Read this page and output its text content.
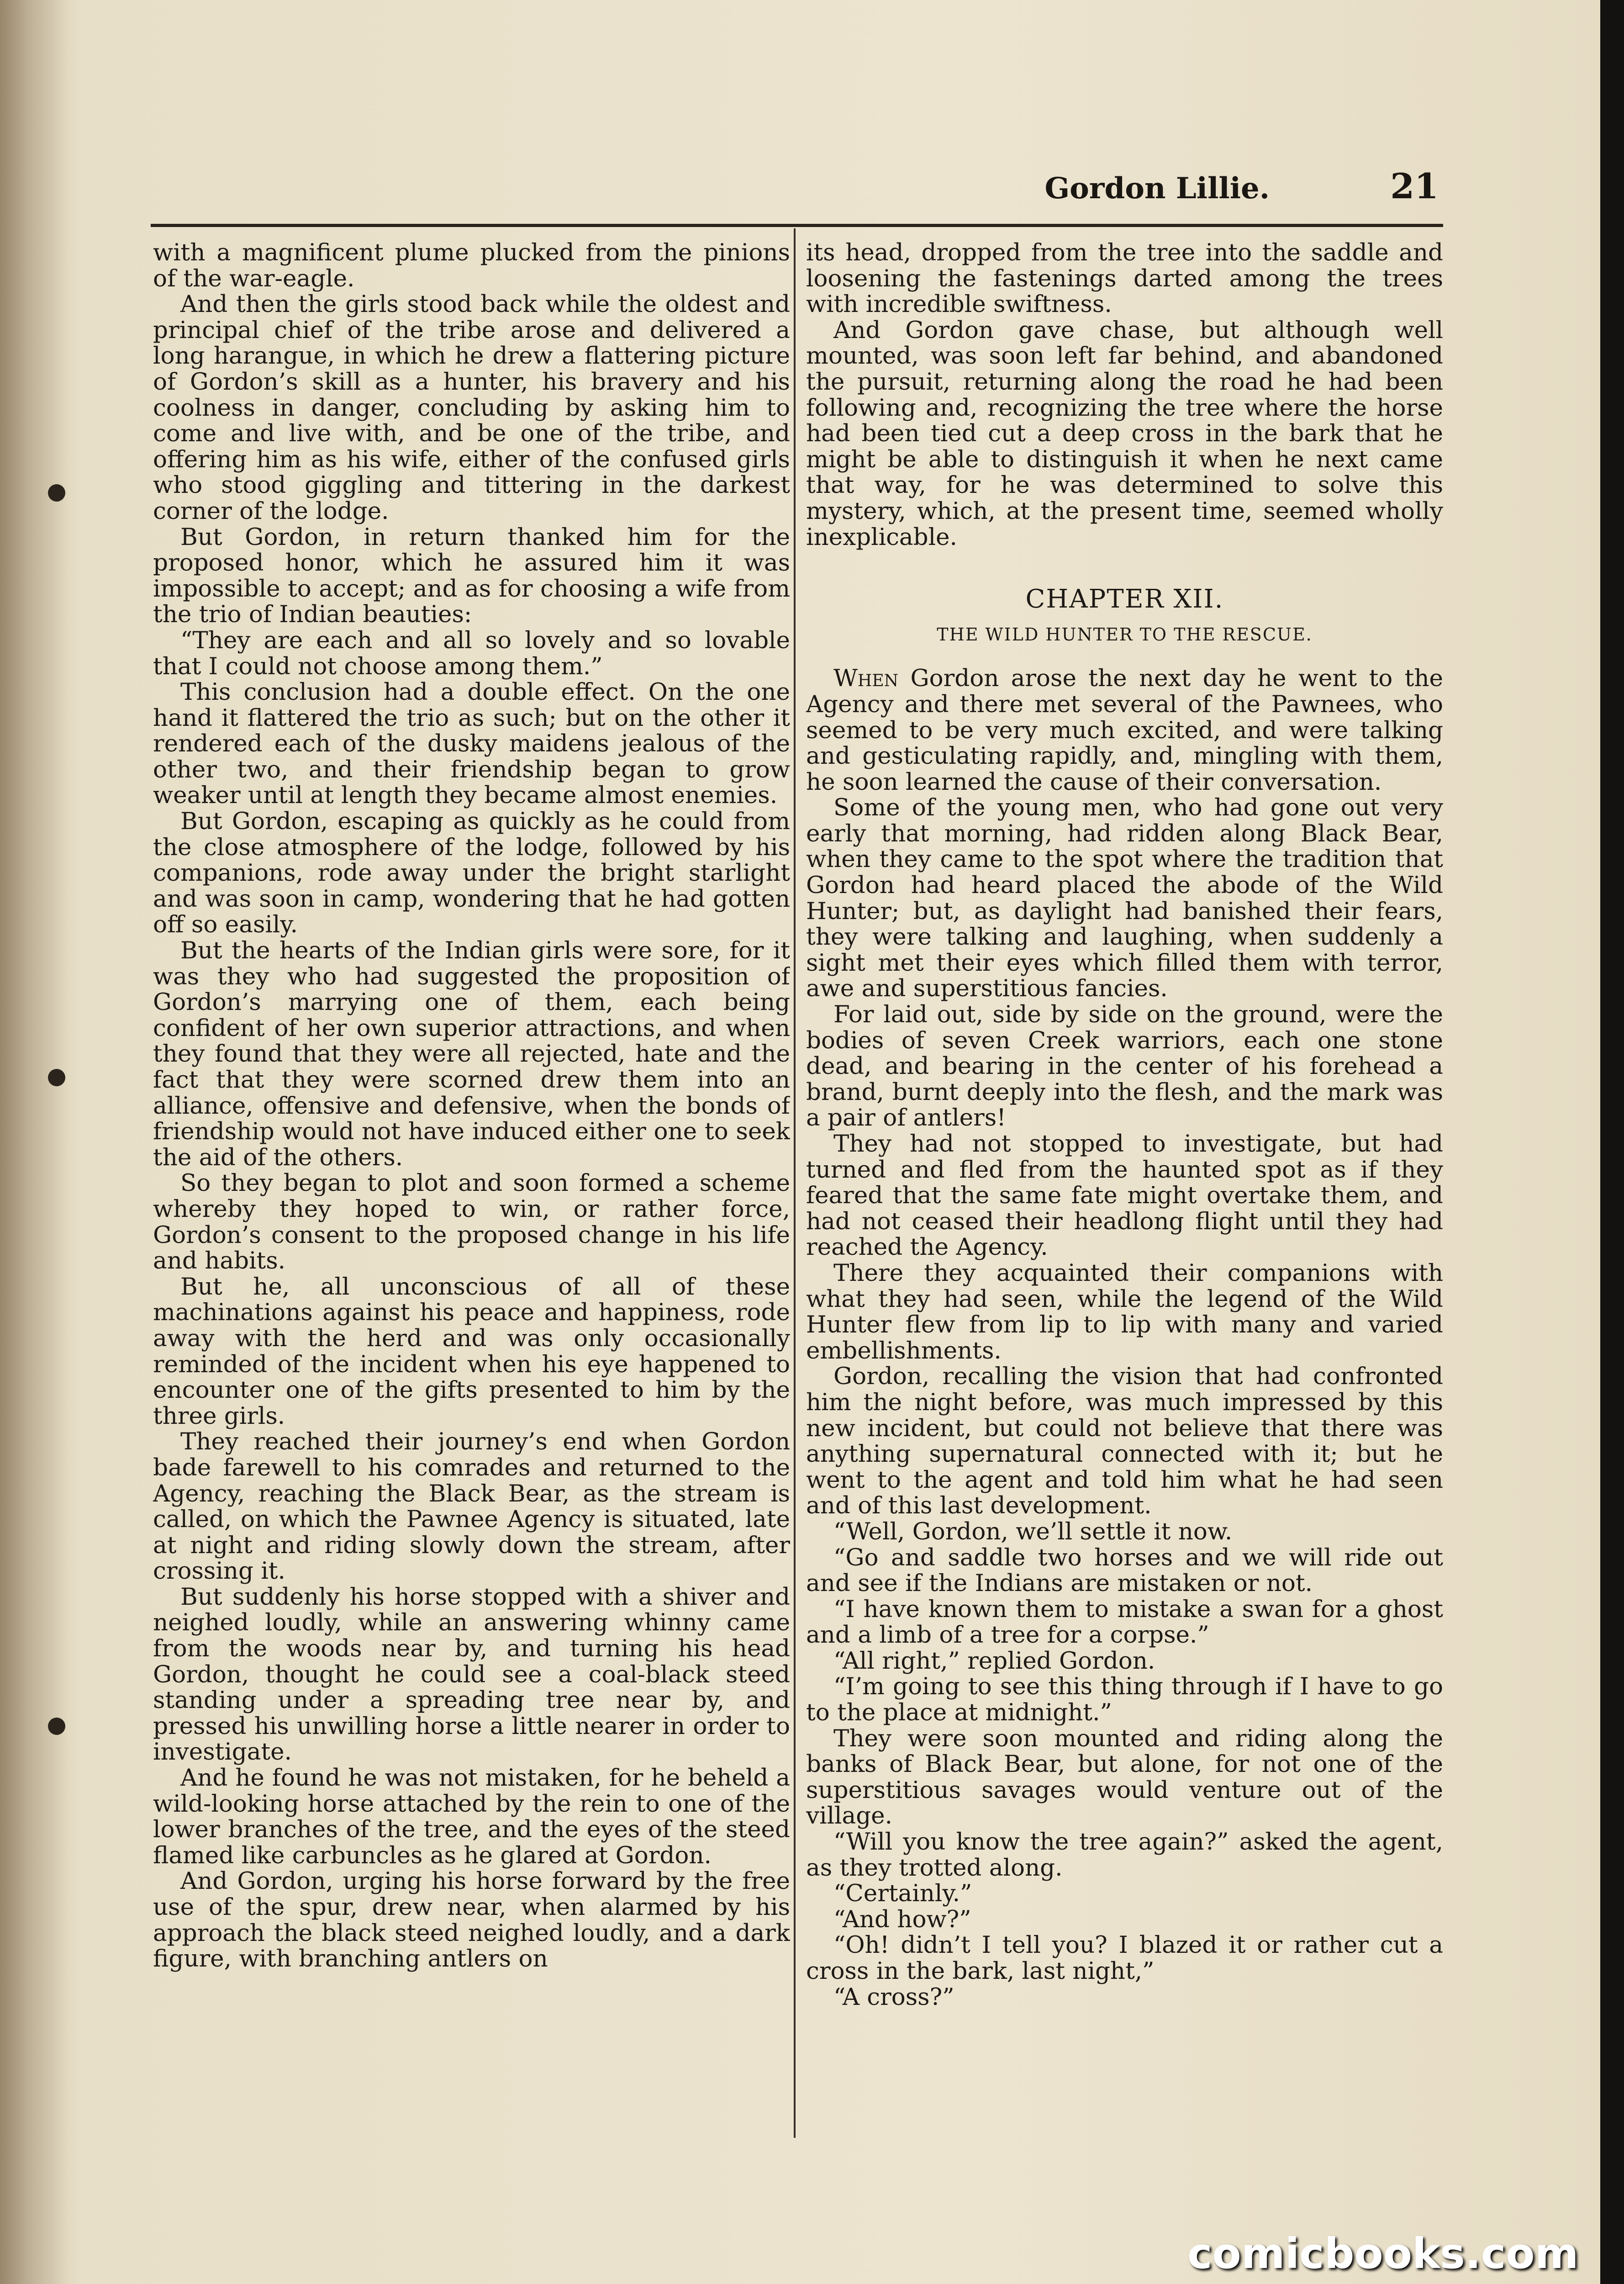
Gordon Lillie.	21

with a magnificent plume plucked from the pinions of the war-eagle.

And then the girls stood back while the oldest and principal chief of the tribe arose and delivered a long harangue, in which he drew a flattering picture of Gordon’s skill as a hunter, his bravery and his coolness in danger, concluding by asking him to come and live with, and be one of the tribe, and offering him as his wife, either of the confused girls who stood giggling and tittering in the darkest corner of the lodge.

But Gordon, in return thanked him for the proposed honor, which he assured him it was impossible to accept; and as for choosing a wife from the trio of Indian beauties:

“They are each and all so lovely and so lovable that I could not choose among them.”

This conclusion had a double effect. On the one hand it flattered the trio as such; but on the other it rendered each of the dusky maidens jealous of the other two, and their friendship began to grow weaker until at length they became almost enemies.

But Gordon, escaping as quickly as he could from the close atmosphere of the lodge, followed by his companions, rode away under the bright starlight and was soon in camp, wondering that he had gotten off so easily.

But the hearts of the Indian girls were sore, for it was they who had suggested the proposition of Gordon’s marrying one of them, each being confident of her own superior attractions, and when they found that they were all rejected, hate and the fact that they were scorned drew them into an alliance, offensive and defensive, when the bonds of friendship would not have induced either one to seek the aid of the others.

So they began to plot and soon formed a scheme whereby they hoped to win, or rather force, Gordon’s consent to the proposed change in his life and habits.

But he, all unconscious of all of these machinations against his peace and happiness, rode away with the herd and was only occasionally reminded of the incident when his eye happened to encounter one of the gifts presented to him by the three girls.

They reached their journey’s end when Gordon bade farewell to his comrades and returned to the Agency, reaching the Black Bear, as the stream is called, on which the Pawnee Agency is situated, late at night and riding slowly down the stream, after crossing it.

But suddenly his horse stopped with a shiver and neighed loudly, while an answering whinny came from the woods near by, and turning his head Gordon, thought he could see a coal-black steed standing under a spreading tree near by, and pressed his unwilling horse a little nearer in order to investigate.

And he found he was not mistaken, for he beheld a wild-looking horse attached by the rein to one of the lower branches of the tree, and the eyes of the steed flamed like carbuncles as he glared at Gordon.

And Gordon, urging his horse forward by the free use of the spur, drew near, when alarmed by his approach the black steed neighed loudly, and a dark figure, with branching antlers on

its head, dropped from the tree into the saddle and loosening the fastenings darted among the trees with incredible swiftness.

And Gordon gave chase, but although well mounted, was soon left far behind, and abandoned the pursuit, returning along the road he had been following and, recognizing the tree where the horse had been tied cut a deep cross in the bark that he might be able to distinguish it when he next came that way, for he was determined to solve this mystery, which, at the present time, seemed wholly inexplicable.

CHAPTER XII.
THE WILD HUNTER TO THE RESCUE.

When Gordon arose the next day he went to the Agency and there met several of the Pawnees, who seemed to be very much excited, and were talking and gesticulating rapidly, and, mingling with them, he soon learned the cause of their conversation.

Some of the young men, who had gone out very early that morning, had ridden along Black Bear, when they came to the spot where the tradition that Gordon had heard placed the abode of the Wild Hunter; but, as daylight had banished their fears, they were talking and laughing, when suddenly a sight met their eyes which filled them with terror, awe and superstitious fancies.

For laid out, side by side on the ground, were the bodies of seven Creek warriors, each one stone dead, and bearing in the center of his forehead a brand, burnt deeply into the flesh, and the mark was a pair of antlers!

They had not stopped to investigate, but had turned and fled from the haunted spot as if they feared that the same fate might overtake them, and had not ceased their headlong flight until they had reached the Agency.

There they acquainted their companions with what they had seen, while the legend of the Wild Hunter flew from lip to lip with many and varied embellishments.

Gordon, recalling the vision that had confronted him the night before, was much impressed by this new incident, but could not believe that there was anything supernatural connected with it; but he went to the agent and told him what he had seen and of this last development.

“Well, Gordon, we’ll settle it now.

“Go and saddle two horses and we will ride out and see if the Indians are mistaken or not.

“I have known them to mistake a swan for a ghost and a limb of a tree for a corpse.”

“All right,” replied Gordon.

“I’m going to see this thing through if I have to go to the place at midnight.”

They were soon mounted and riding along the banks of Black Bear, but alone, for not one of the superstitious savages would venture out of the village.

“Will you know the tree again?” asked the agent, as they trotted along.

“Certainly.”

“And how?”

“Oh! didn’t I tell you? I blazed it or rather cut a cross in the bark, last night,”

“A cross?”

comicbooks.com
